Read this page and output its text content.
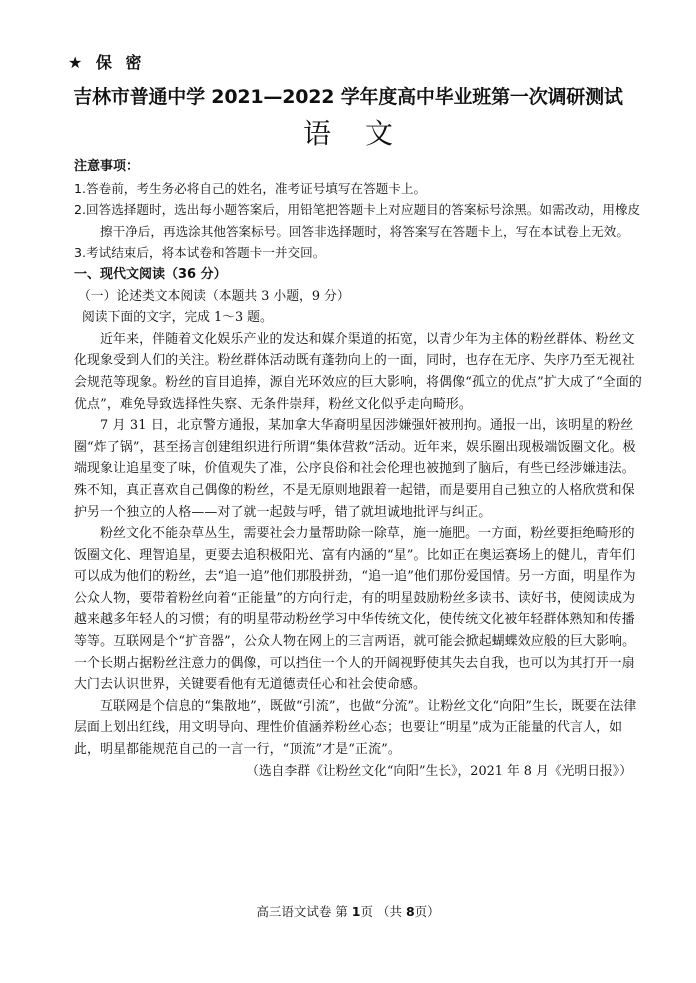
★ 保 密
吉林市普通中学 2021—2022 学年度高中毕业班第一次调研测试
语文

注意事项：

1.答卷前，考生务必将自己的姓名，准考证号填写在答题卡上。

2.回答选择题时，选出每小题答案后，用铅笔把答题卡上对应题目的答案标号涂黑。如需改动，用橡皮擦干净后，再选涂其他答案标号。回答非选择题时，将答案写在答题卡上，写在本试卷上无效。

3.考试结束后，将本试卷和答题卡一并交回。

一、现代文阅读（36 分）

（一）论述类文本阅读（本题共 3 小题，9 分）

阅读下面的文字，完成 1～3 题。

近年来，伴随着文化娱乐产业的发达和媒介渠道的拓宽，以青少年为主体的粉丝群体、粉丝文化现象受到人们的关注。粉丝群体活动既有蓬勃向上的一面，同时，也存在无序、失序乃至无视社会规范等现象。粉丝的盲目追捧，源自光环效应的巨大影响，将偶像“孤立的优点”扩大成了“全面的优点”，难免导致选择性失察、无条件崇拜，粉丝文化似乎走向畸形。

7 月 31 日，北京警方通报，某加拿大华裔明星因涉嫌强奸被刑拘。通报一出，该明星的粉丝圈“炸了锅”，甚至扬言创建组织进行所谓“集体营救”活动。近年来，娱乐圈出现极端饭圈文化。极端现象让追星变了味，价值观失了准，公序良俗和社会伦理也被抛到了脑后，有些已经涉嫌违法。殊不知，真正喜欢自己偶像的粉丝，不是无原则地跟着一起错，而是要用自己独立的人格欣赏和保护另一个独立的人格——对了就一起鼓与呼，错了就坦诚地批评与纠正。

粉丝文化不能杂草丛生，需要社会力量帮助除一除草，施一施肥。一方面，粉丝要拒绝畸形的饭圈文化、理智追星，更要去追积极阳光、富有内涵的“星”。比如正在奥运赛场上的健儿，青年们可以成为他们的粉丝，去“追一追”他们那股拼劲，“追一追”他们那份爱国情。另一方面，明星作为公众人物，要带着粉丝向着“正能量”的方向行走，有的明星鼓励粉丝多读书、读好书，使阅读成为越来越多年轻人的习惯；有的明星带动粉丝学习中华传统文化，使传统文化被年轻群体熟知和传播等等。互联网是个“扩音器”，公众人物在网上的三言两语，就可能会掀起蝴蝶效应般的巨大影响。一个长期占据粉丝注意力的偶像，可以挡住一个人的开阔视野使其失去自我，也可以为其打开一扇大门去认识世界，关键要看他有无道德责任心和社会使命感。

互联网是个信息的“集散地”，既做“引流”，也做“分流”。让粉丝文化“向阳”生长，既要在法律层面上划出红线，用文明导向、理性价值涵养粉丝心态；也要让“明星”成为正能量的代言人，如此，明星都能规范自己的一言一行，“顶流”才是“正流”。

（选自李群《让粉丝文化“向阳”生长》，2021 年 8 月《光明日报》）

高三语文试卷 第 1页 （共 8页）
